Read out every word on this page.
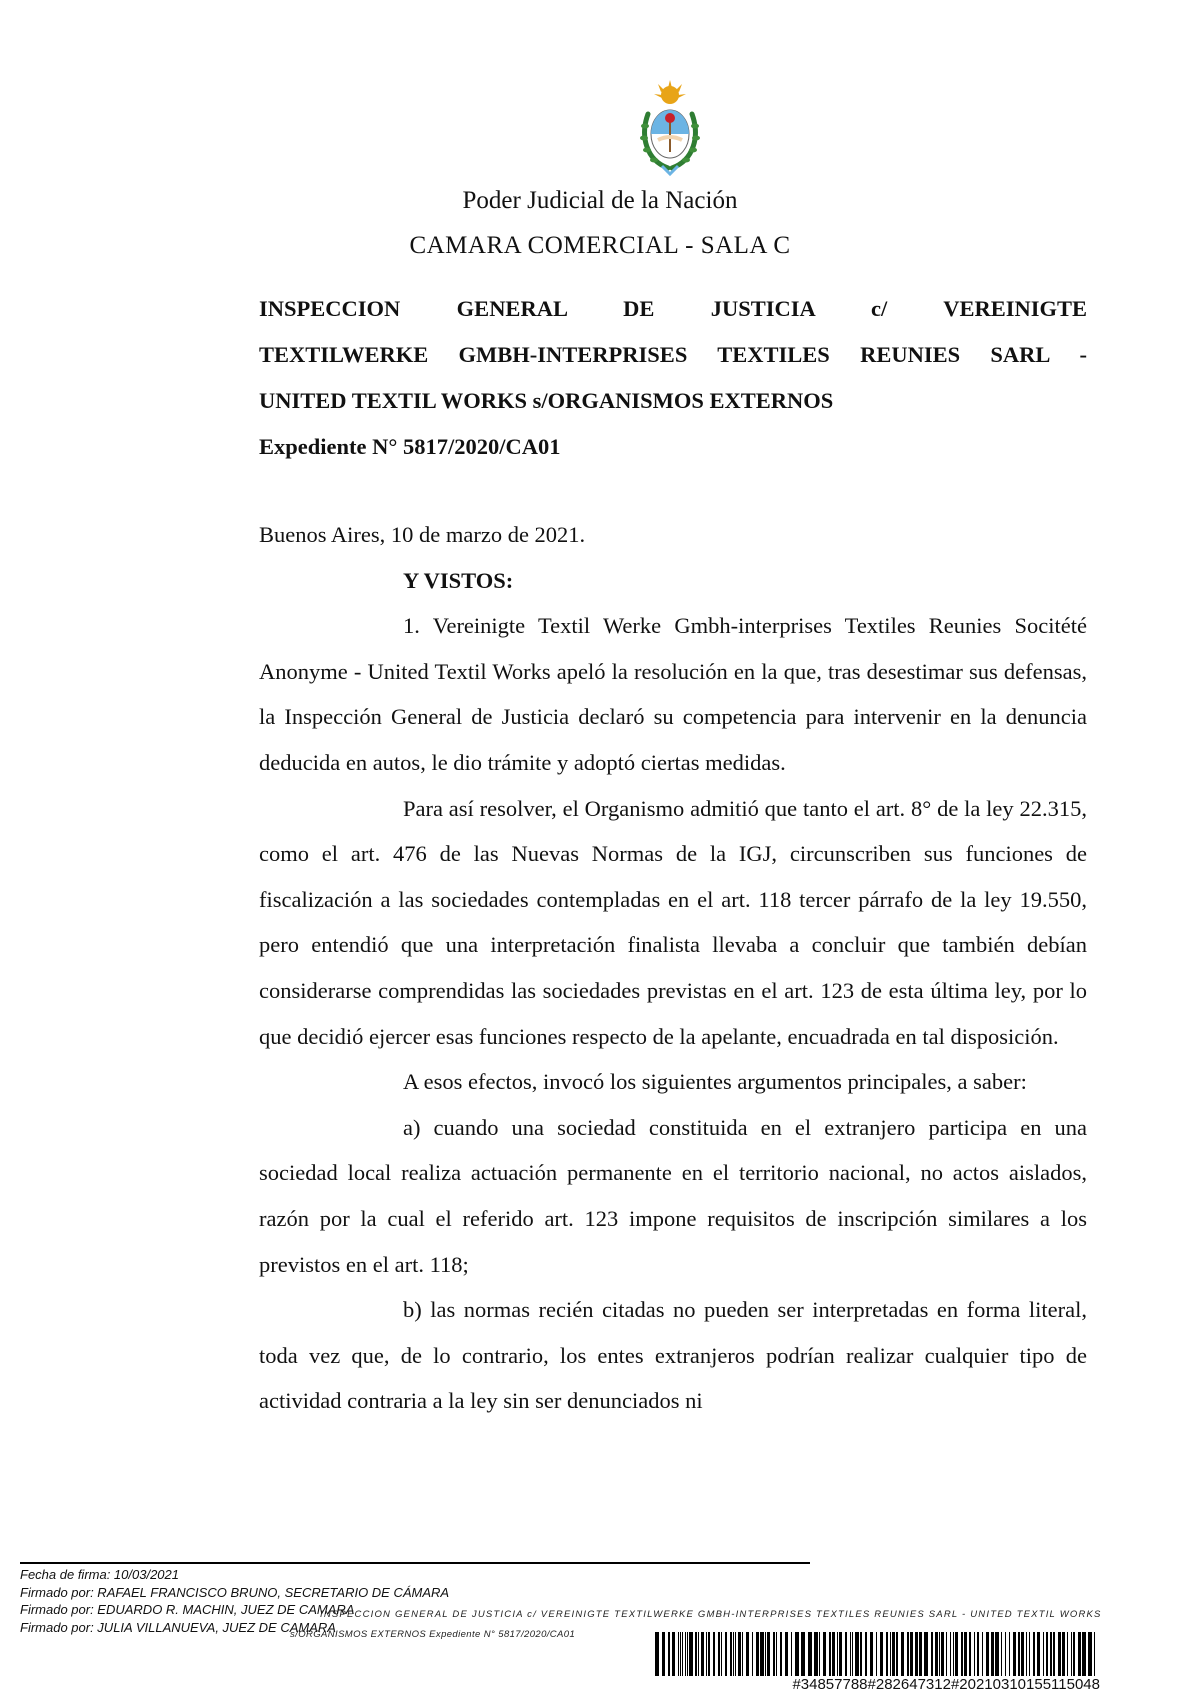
Poder Judicial de la Nación
CAMARA COMERCIAL - SALA C
INSPECCION GENERAL DE JUSTICIA c/ VEREINIGTE
TEXTILWERKE GMBH-INTERPRISES TEXTILES REUNIES SARL -
UNITED TEXTIL WORKS s/ORGANISMOS EXTERNOS
Expediente N° 5817/2020/CA01

Buenos Aires, 10 de marzo de 2021.

Y VISTOS:

1. Vereinigte Textil Werke Gmbh-interprises Textiles Reunies Socitété Anonyme - United Textil Works apeló la resolución en la que, tras desestimar sus defensas, la Inspección General de Justicia declaró su competencia para intervenir en la denuncia deducida en autos, le dio trámite y adoptó ciertas medidas.

Para así resolver, el Organismo admitió que tanto el art. 8° de la ley 22.315, como el art. 476 de las Nuevas Normas de la IGJ, circunscriben sus funciones de fiscalización a las sociedades contempladas en el art. 118 tercer párrafo de la ley 19.550, pero entendió que una interpretación finalista llevaba a concluir que también debían considerarse comprendidas las sociedades previstas en el art. 123 de esta última ley, por lo que decidió ejercer esas funciones respecto de la apelante, encuadrada en tal disposición.

A esos efectos, invocó los siguientes argumentos principales, a saber:

a) cuando una sociedad constituida en el extranjero participa en una sociedad local realiza actuación permanente en el territorio nacional, no actos aislados, razón por la cual el referido art. 123 impone requisitos de inscripción similares a los previstos en el art. 118;

b) las normas recién citadas no pueden ser interpretadas en forma literal, toda vez que, de lo contrario, los entes extranjeros podrían realizar cualquier tipo de actividad contraria a la ley sin ser denunciados ni

Fecha de firma: 10/03/2021
Firmado por: RAFAEL FRANCISCO BRUNO, SECRETARIO DE CÁMARA
Firmado por: EDUARDO R. MACHIN, JUEZ DE CAMARA
Firmado por: JULIA VILLANUEVA, JUEZ DE CAMARA
INSPECCION GENERAL DE JUSTICIA c/ VEREINIGTE TEXTILWERKE GMBH-INTERPRISES TEXTILES REUNIES SARL - UNITED TEXTIL WORKS
s/ORGANISMOS EXTERNOS Expediente N° 5817/2020/CA01
#34857788#282647312#20210310155115048
